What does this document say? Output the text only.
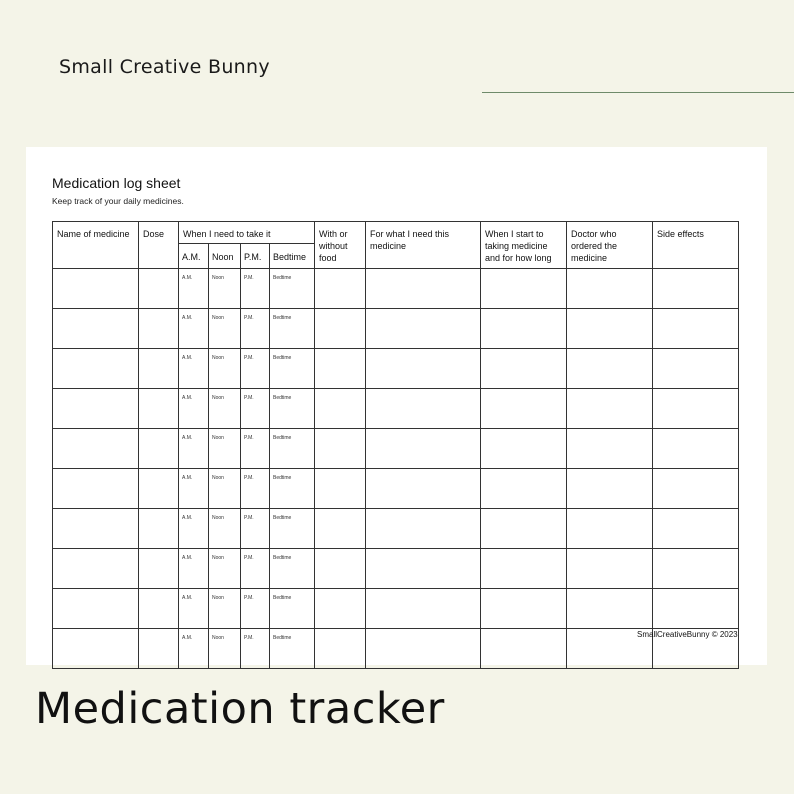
Small Creative Bunny
Medication log sheet
Keep track of your daily medicines.
Name of medicine	Dose	When I need to take it				With or without food	For what I need this medicine	When I start to taking medicine and for how long	Doctor who ordered the medicine	Side effects
		A.M.	Noon	P.M.	Bedtime					
		A.M.	Noon	P.M.	Bedtime					
		A.M.	Noon	P.M.	Bedtime					
		A.M.	Noon	P.M.	Bedtime					
		A.M.	Noon	P.M.	Bedtime					
		A.M.	Noon	P.M.	Bedtime					
		A.M.	Noon	P.M.	Bedtime					
		A.M.	Noon	P.M.	Bedtime					
		A.M.	Noon	P.M.	Bedtime					
		A.M.	Noon	P.M.	Bedtime					
		A.M.	Noon	P.M.	Bedtime						SmallCreativeBunny © 2023
Medication tracker
